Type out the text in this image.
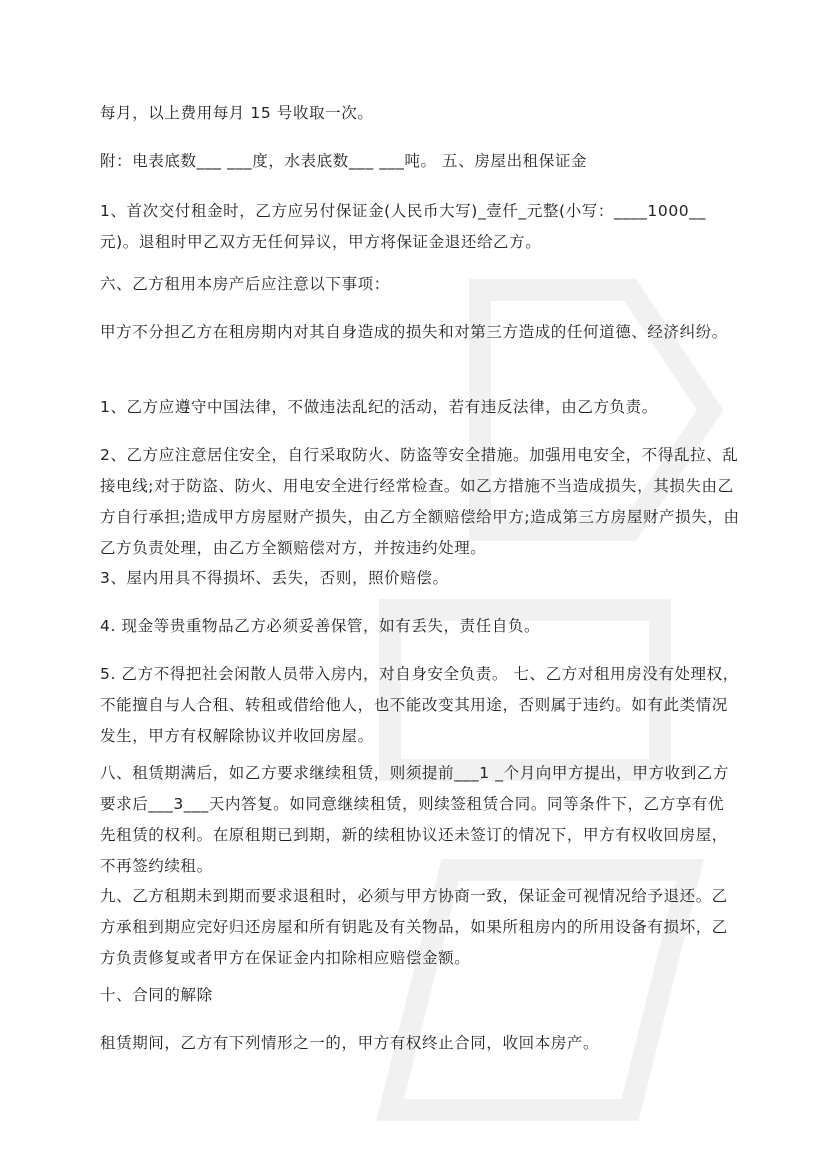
每月，以上费用每月 15 号收取一次。

附：电表底数___ ___度，水表底数___ ___吨。 五、房屋出租保证金

1、首次交付租金时，乙方应另付保证金(人民币大写)_壹仟_元整(小写：____1000__ 元)。退租时甲乙双方无任何异议，甲方将保证金退还给乙方。

六、乙方租用本房产后应注意以下事项：

甲方不分担乙方在租房期内对其自身造成的损失和对第三方造成的任何道德、经济纠纷。

1、乙方应遵守中国法律，不做违法乱纪的活动，若有违反法律，由乙方负责。

2、乙方应注意居住安全，自行采取防火、防盗等安全措施。加强用电安全，不得乱拉、乱接电线;对于防盗、防火、用电安全进行经常检查。如乙方措施不当造成损失，其损失由乙方自行承担;造成甲方房屋财产损失，由乙方全额赔偿给甲方;造成第三方房屋财产损失，由乙方负责处理，由乙方全额赔偿对方，并按违约处理。

3、屋内用具不得损坏、丢失，否则，照价赔偿。

4. 现金等贵重物品乙方必须妥善保管，如有丢失，责任自负。

5. 乙方不得把社会闲散人员带入房内，对自身安全负责。 七、乙方对租用房没有处理权，不能擅自与人合租、转租或借给他人，也不能改变其用途，否则属于违约。如有此类情况发生，甲方有权解除协议并收回房屋。

八、租赁期满后，如乙方要求继续租赁，则须提前___1 _个月向甲方提出，甲方收到乙方要求后___3___天内答复。如同意继续租赁，则续签租赁合同。同等条件下，乙方享有优先租赁的权利。在原租期已到期，新的续租协议还未签订的情况下，甲方有权收回房屋，不再签约续租。

九、乙方租期未到期而要求退租时，必须与甲方协商一致，保证金可视情况给予退还。乙方承租到期应完好归还房屋和所有钥匙及有关物品，如果所租房内的所用设备有损坏，乙方负责修复或者甲方在保证金内扣除相应赔偿金额。

十、合同的解除

租赁期间，乙方有下列情形之一的，甲方有权终止合同，收回本房产。
